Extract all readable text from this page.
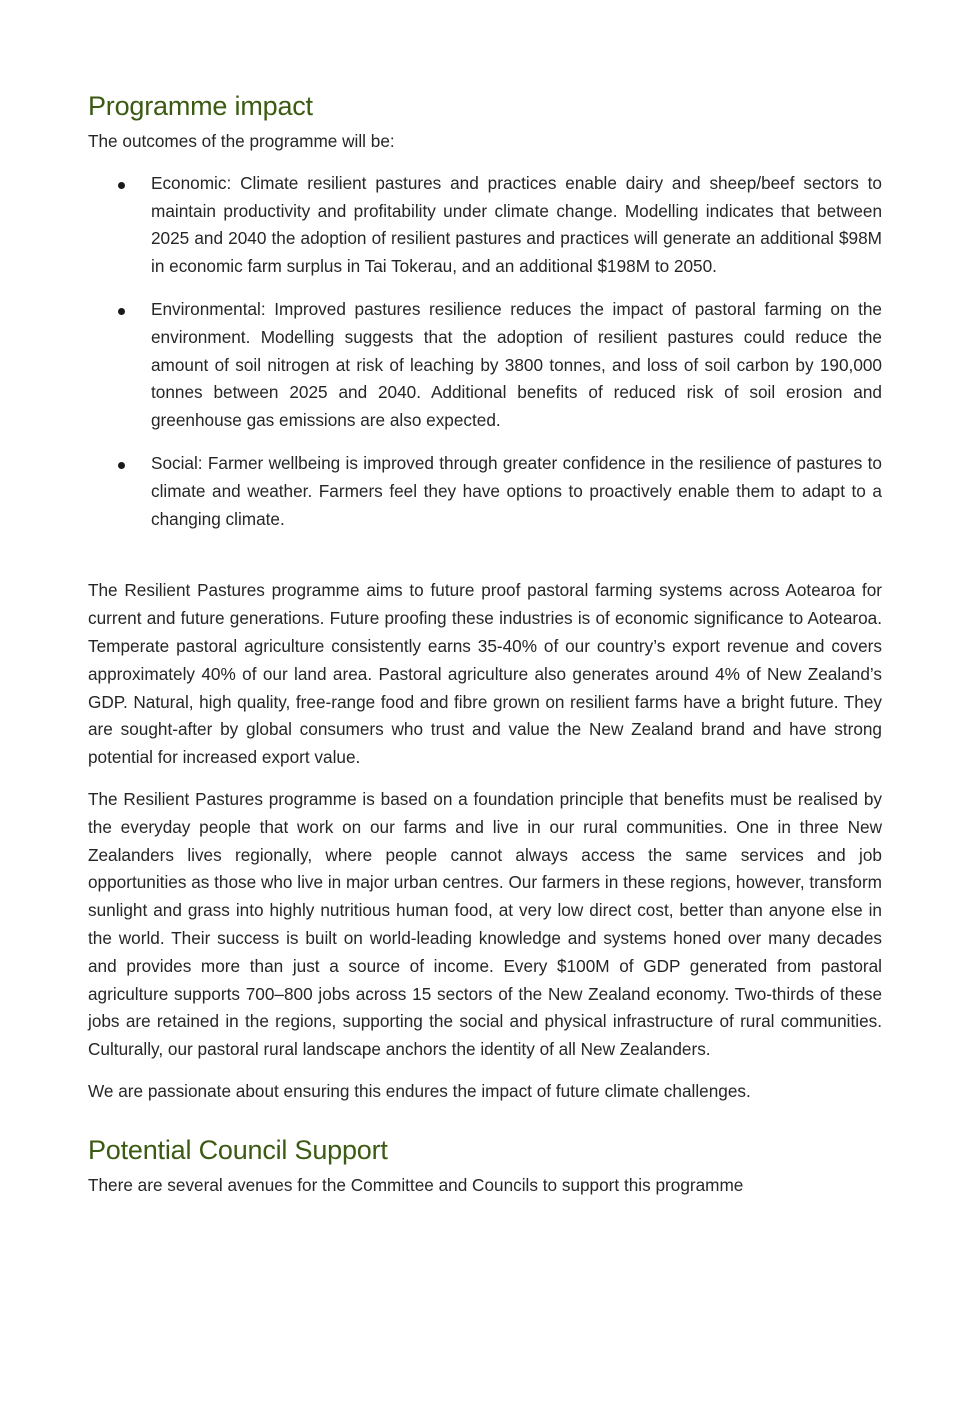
Programme impact

The outcomes of the programme will be:

Economic: Climate resilient pastures and practices enable dairy and sheep/beef sectors to maintain productivity and profitability under climate change. Modelling indicates that between 2025 and 2040 the adoption of resilient pastures and practices will generate an additional $98M in economic farm surplus in Tai Tokerau, and an additional $198M to 2050.
Environmental: Improved pastures resilience reduces the impact of pastoral farming on the environment. Modelling suggests that the adoption of resilient pastures could reduce the amount of soil nitrogen at risk of leaching by 3800 tonnes, and loss of soil carbon by 190,000 tonnes between 2025 and 2040. Additional benefits of reduced risk of soil erosion and greenhouse gas emissions are also expected.
Social: Farmer wellbeing is improved through greater confidence in the resilience of pastures to climate and weather. Farmers feel they have options to proactively enable them to adapt to a changing climate.

The Resilient Pastures programme aims to future proof pastoral farming systems across Aotearoa for current and future generations. Future proofing these industries is of economic significance to Aotearoa. Temperate pastoral agriculture consistently earns 35-40% of our country’s export revenue and covers approximately 40% of our land area. Pastoral agriculture also generates around 4% of New Zealand’s GDP. Natural, high quality, free-range food and fibre grown on resilient farms have a bright future. They are sought-after by global consumers who trust and value the New Zealand brand and have strong potential for increased export value.

The Resilient Pastures programme is based on a foundation principle that benefits must be realised by the everyday people that work on our farms and live in our rural communities. One in three New Zealanders lives regionally, where people cannot always access the same services and job opportunities as those who live in major urban centres. Our farmers in these regions, however, transform sunlight and grass into highly nutritious human food, at very low direct cost, better than anyone else in the world. Their success is built on world-leading knowledge and systems honed over many decades and provides more than just a source of income. Every $100M of GDP generated from pastoral agriculture supports 700–800 jobs across 15 sectors of the New Zealand economy. Two-thirds of these jobs are retained in the regions, supporting the social and physical infrastructure of rural communities. Culturally, our pastoral rural landscape anchors the identity of all New Zealanders.

We are passionate about ensuring this endures the impact of future climate challenges.

Potential Council Support

There are several avenues for the Committee and Councils to support this programme
